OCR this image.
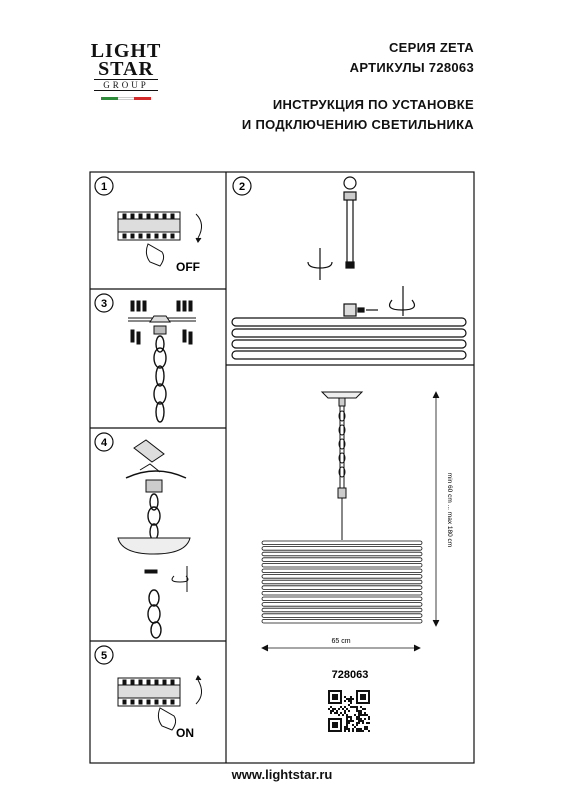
LIGHT
STAR
GROUP
СЕРИЯ ZETA
АРТИКУЛЫ 728063
ИНСТРУКЦИЯ ПО УСТАНОВКЕ
И ПОДКЛЮЧЕНИЮ СВЕТИЛЬНИКА
1	2
3
4
5
OFF
ON
min 60 cm ... max 180 cm
65 cm
728063
www.lightstar.ru
